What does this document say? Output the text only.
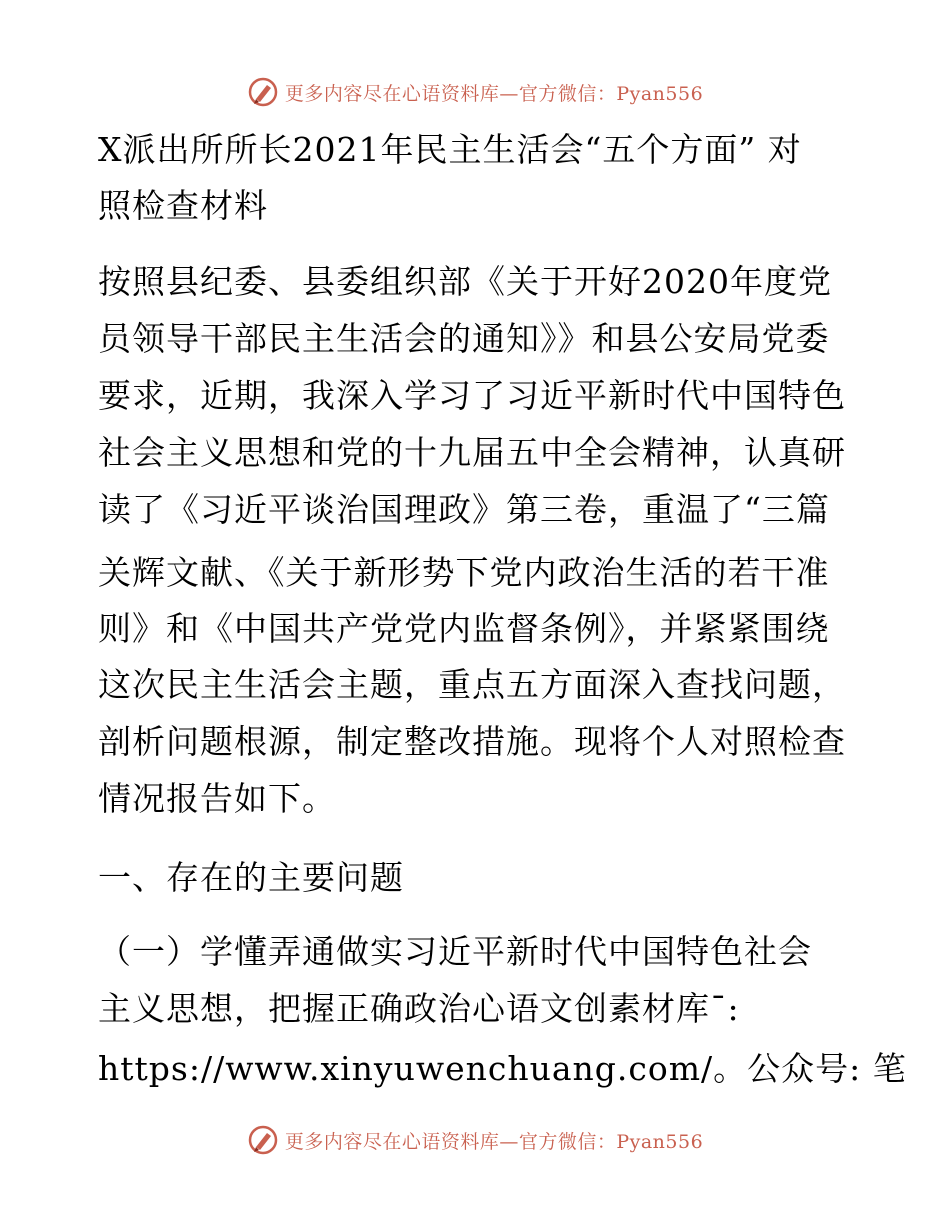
更多内容尽在心语资料库—官方微信：Pyan556
X派出所所长2021年民主生活会“五个方面” 对
照检查材料
按照县纪委、县委组织部《关于开好2020年度党
员领导干部民主生活会的通知》》和县公安局党委
要求，近期，我深入学习了习近平新时代中国特色
社会主义思想和党的十九届五中全会精神，认真研
读了《习近平谈治国理政》第三卷，重温了“三篇
关辉文献、《关于新形势下党内政治生活的若干准
则》和《中国共产党党内监督条例》，并紧紧围绕
这次民主生活会主题，重点五方面深入查找问题，
剖析问题根源，制定整改措施。现将个人对照检查
情况报告如下。
一、存在的主要问题
（一）学懂弄通做实习近平新时代中国特色社会
主义思想，把握正确政治心语文创素材库¯:
https://www.xinyuwenchuang.com/。公众号: 笔
更多内容尽在心语资料库—官方微信：Pyan556
